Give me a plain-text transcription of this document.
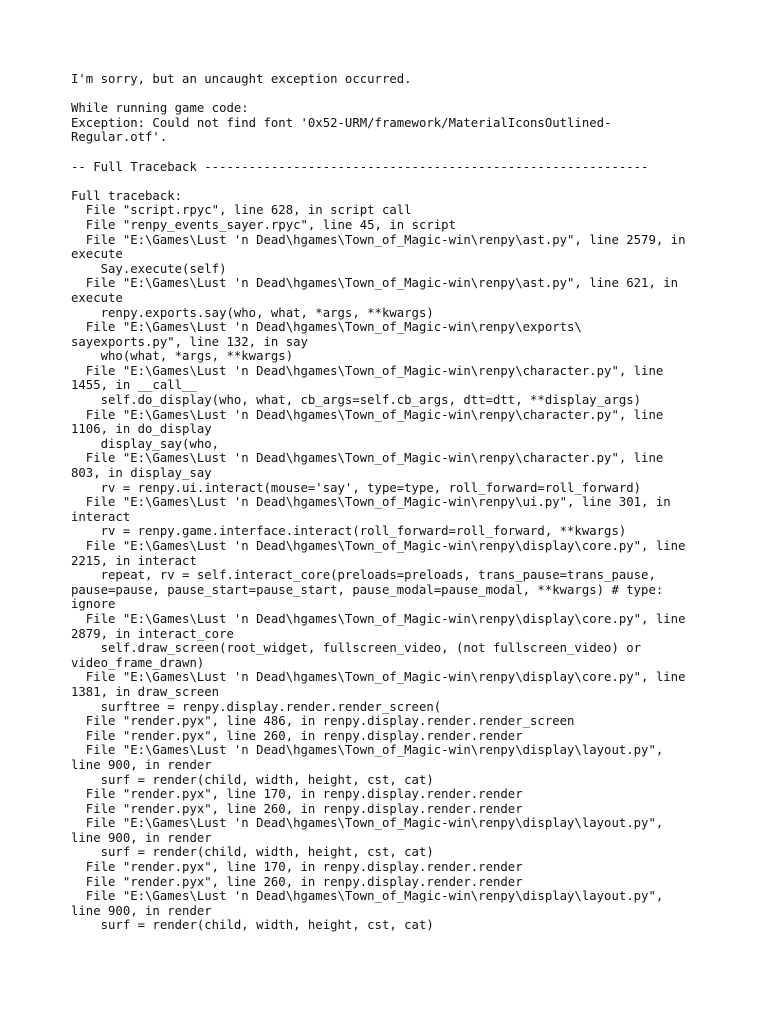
I'm sorry, but an uncaught exception occurred.
While running game code:
Exception: Could not find font '0x52-URM/framework/MaterialIconsOutlined-
Regular.otf'.
-- Full Traceback ------------------------------------------------------------
Full traceback:
File "script.rpyc", line 628, in script call
File "renpy_events_sayer.rpyc", line 45, in script
File "E:\Games\Lust 'n Dead\hgames\Town_of_Magic-win\renpy\ast.py", line 2579, in
execute
Say.execute(self)
File "E:\Games\Lust 'n Dead\hgames\Town_of_Magic-win\renpy\ast.py", line 621, in
execute
renpy.exports.say(who, what, *args, **kwargs)
File "E:\Games\Lust 'n Dead\hgames\Town_of_Magic-win\renpy\exports\
sayexports.py", line 132, in say
who(what, *args, **kwargs)
File "E:\Games\Lust 'n Dead\hgames\Town_of_Magic-win\renpy\character.py", line
1455, in __call__
self.do_display(who, what, cb_args=self.cb_args, dtt=dtt, **display_args)
File "E:\Games\Lust 'n Dead\hgames\Town_of_Magic-win\renpy\character.py", line
1106, in do_display
display_say(who,
File "E:\Games\Lust 'n Dead\hgames\Town_of_Magic-win\renpy\character.py", line
803, in display_say
rv = renpy.ui.interact(mouse='say', type=type, roll_forward=roll_forward)
File "E:\Games\Lust 'n Dead\hgames\Town_of_Magic-win\renpy\ui.py", line 301, in
interact
rv = renpy.game.interface.interact(roll_forward=roll_forward, **kwargs)
File "E:\Games\Lust 'n Dead\hgames\Town_of_Magic-win\renpy\display\core.py", line
2215, in interact
repeat, rv = self.interact_core(preloads=preloads, trans_pause=trans_pause,
pause=pause, pause_start=pause_start, pause_modal=pause_modal, **kwargs) # type:
ignore
File "E:\Games\Lust 'n Dead\hgames\Town_of_Magic-win\renpy\display\core.py", line
2879, in interact_core
self.draw_screen(root_widget, fullscreen_video, (not fullscreen_video) or
video_frame_drawn)
File "E:\Games\Lust 'n Dead\hgames\Town_of_Magic-win\renpy\display\core.py", line
1381, in draw_screen
surftree = renpy.display.render.render_screen(
File "render.pyx", line 486, in renpy.display.render.render_screen
File "render.pyx", line 260, in renpy.display.render.render
File "E:\Games\Lust 'n Dead\hgames\Town_of_Magic-win\renpy\display\layout.py",
line 900, in render
surf = render(child, width, height, cst, cat)
File "render.pyx", line 170, in renpy.display.render.render
File "render.pyx", line 260, in renpy.display.render.render
File "E:\Games\Lust 'n Dead\hgames\Town_of_Magic-win\renpy\display\layout.py",
line 900, in render
surf = render(child, width, height, cst, cat)
File "render.pyx", line 170, in renpy.display.render.render
File "render.pyx", line 260, in renpy.display.render.render
File "E:\Games\Lust 'n Dead\hgames\Town_of_Magic-win\renpy\display\layout.py",
line 900, in render
surf = render(child, width, height, cst, cat)
